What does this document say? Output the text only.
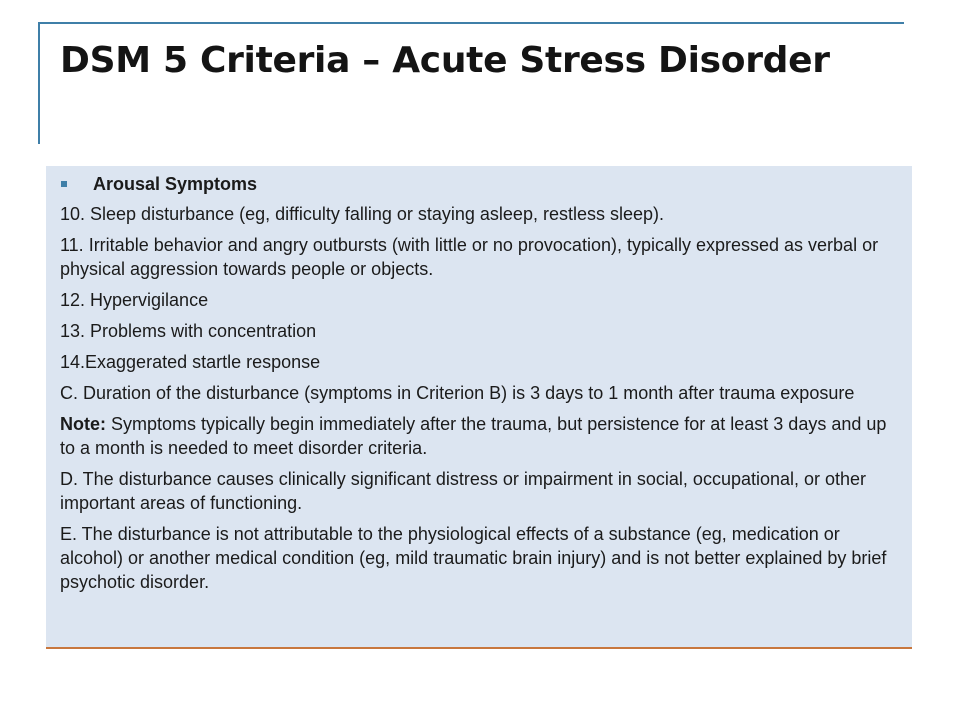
DSM 5 Criteria – Acute Stress Disorder
Arousal Symptoms

10. Sleep disturbance (eg, difficulty falling or staying asleep, restless sleep).

11. Irritable behavior and angry outbursts (with little or no provocation), typically expressed as verbal or physical aggression towards people or objects.

12. Hypervigilance

13. Problems with concentration

14.Exaggerated startle response

C. Duration of the disturbance (symptoms in Criterion B) is 3 days to 1 month after trauma exposure

Note: Symptoms typically begin immediately after the trauma, but persistence for at least 3 days and up to a month is needed to meet disorder criteria.

D. The disturbance causes clinically significant distress or impairment in social, occupational, or other important areas of functioning.

E. The disturbance is not attributable to the physiological effects of a substance (eg, medication or alcohol) or another medical condition (eg, mild traumatic brain injury) and is not better explained by brief psychotic disorder.
